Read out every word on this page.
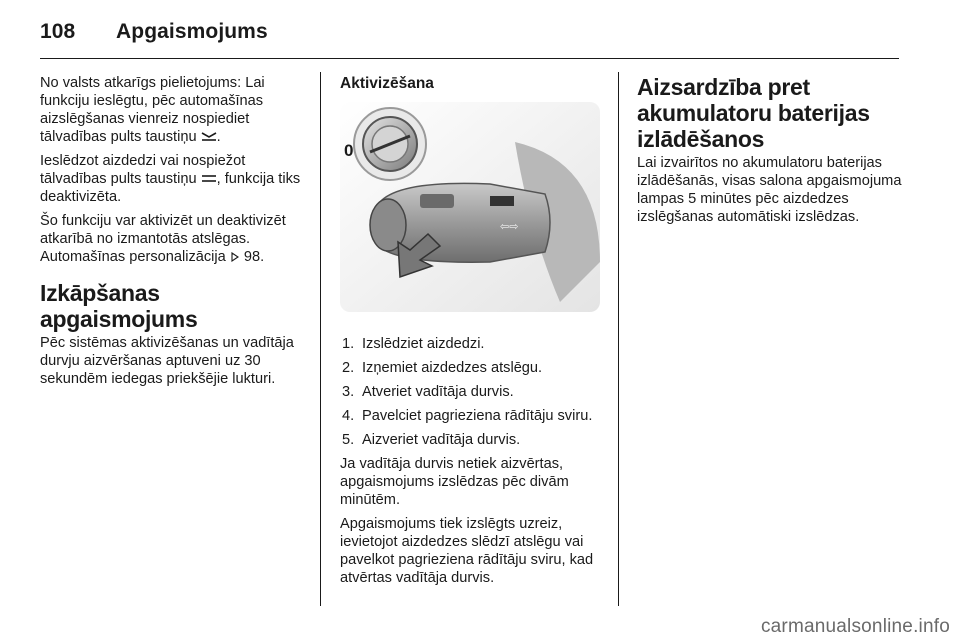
108 Apgaismojums

No valsts atkarīgs pielietojums: Lai funkciju ieslēgtu, pēc automašīnas aizslēgšanas vienreiz nospiediet tālvadības pults taustiņu .

Ieslēdzot aizdedzi vai nospiežot tālvadības pults taustiņu , funkcija tiks deaktivizēta.

Šo funkciju var aktivizēt un deaktivizēt atkarībā no izmantotās atslēgas. Automašīnas personalizācija  98.

Izkāpšanas apgaismojums

Pēc sistēmas aktivizēšanas un vadītāja durvju aizvēršanas aptuveni uz 30 sekundēm iedegas priekšējie lukturi.

Aktivizēšana
0
⇦⇨
1. Izslēdziet aizdedzi.
2. Izņemiet aizdedzes atslēgu.
3. Atveriet vadītāja durvis.
4. Pavelciet pagrieziena rādītāju sviru.
5. Aizveriet vadītāja durvis.

Ja vadītāja durvis netiek aizvērtas, apgaismojums izslēdzas pēc divām minūtēm.

Apgaismojums tiek izslēgts uzreiz, ievietojot aizdedzes slēdzī atslēgu vai pavelkot pagrieziena rādītāju sviru, kad atvērtas vadītāja durvis.

Aizsardzība pret akumulatoru baterijas izlādēšanos

Lai izvairītos no akumulatoru baterijas izlādēšanās, visas salona apgaismojuma lampas 5 minūtes pēc aizdedzes izslēgšanas automātiski izslēdzas.

carmanualsonline.info
